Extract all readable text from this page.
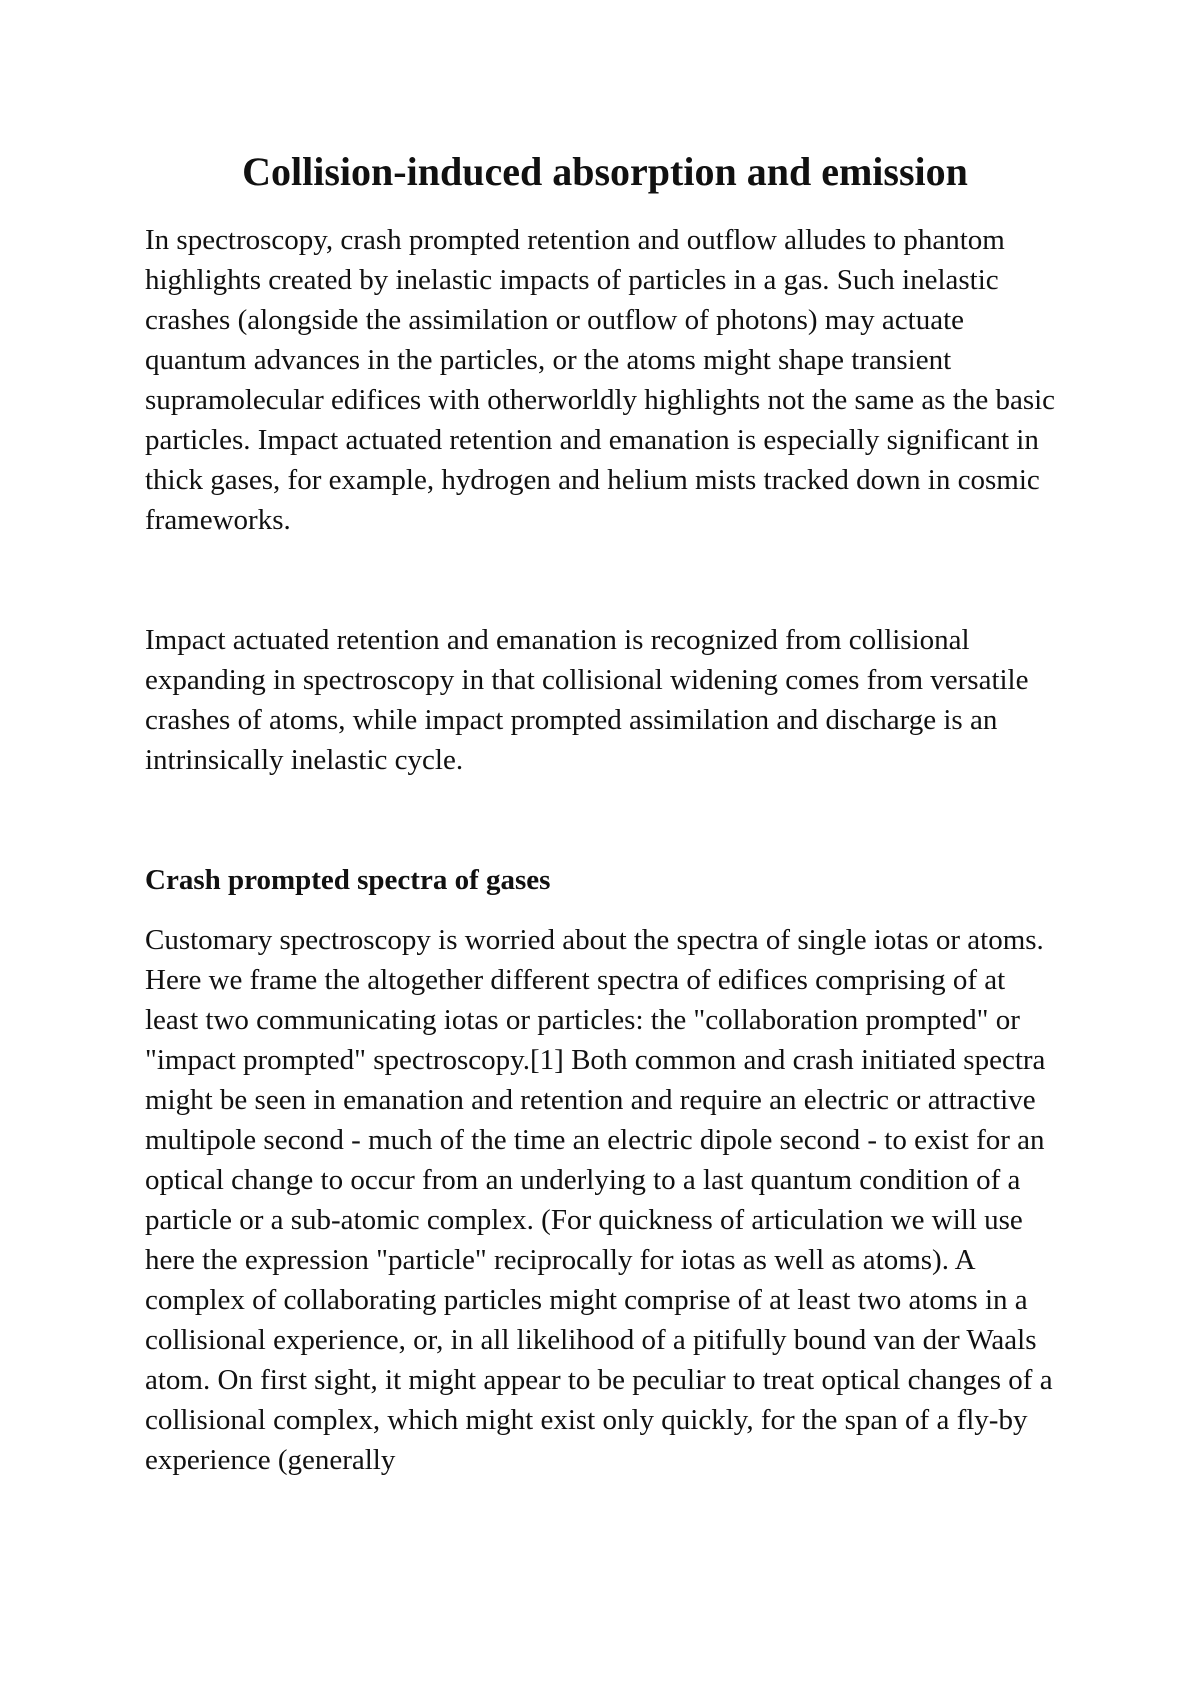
Collision-induced absorption and emission

In spectroscopy, crash prompted retention and outflow alludes to phantom highlights created by inelastic impacts of particles in a gas. Such inelastic crashes (alongside the assimilation or outflow of photons) may actuate quantum advances in the particles, or the atoms might shape transient supramolecular edifices with otherworldly highlights not the same as the basic particles. Impact actuated retention and emanation is especially significant in thick gases, for example, hydrogen and helium mists tracked down in cosmic frameworks.

Impact actuated retention and emanation is recognized from collisional expanding in spectroscopy in that collisional widening comes from versatile crashes of atoms, while impact prompted assimilation and discharge is an intrinsically inelastic cycle.

Crash prompted spectra of gases

Customary spectroscopy is worried about the spectra of single iotas or atoms. Here we frame the altogether different spectra of edifices comprising of at least two communicating iotas or particles: the "collaboration prompted" or "impact prompted" spectroscopy.[1] Both common and crash initiated spectra might be seen in emanation and retention and require an electric or attractive multipole second - much of the time an electric dipole second - to exist for an optical change to occur from an underlying to a last quantum condition of a particle or a sub-atomic complex. (For quickness of articulation we will use here the expression "particle" reciprocally for iotas as well as atoms). A complex of collaborating particles might comprise of at least two atoms in a collisional experience, or, in all likelihood of a pitifully bound van der Waals atom. On first sight, it might appear to be peculiar to treat optical changes of a collisional complex, which might exist only quickly, for the span of a fly-by experience (generally
